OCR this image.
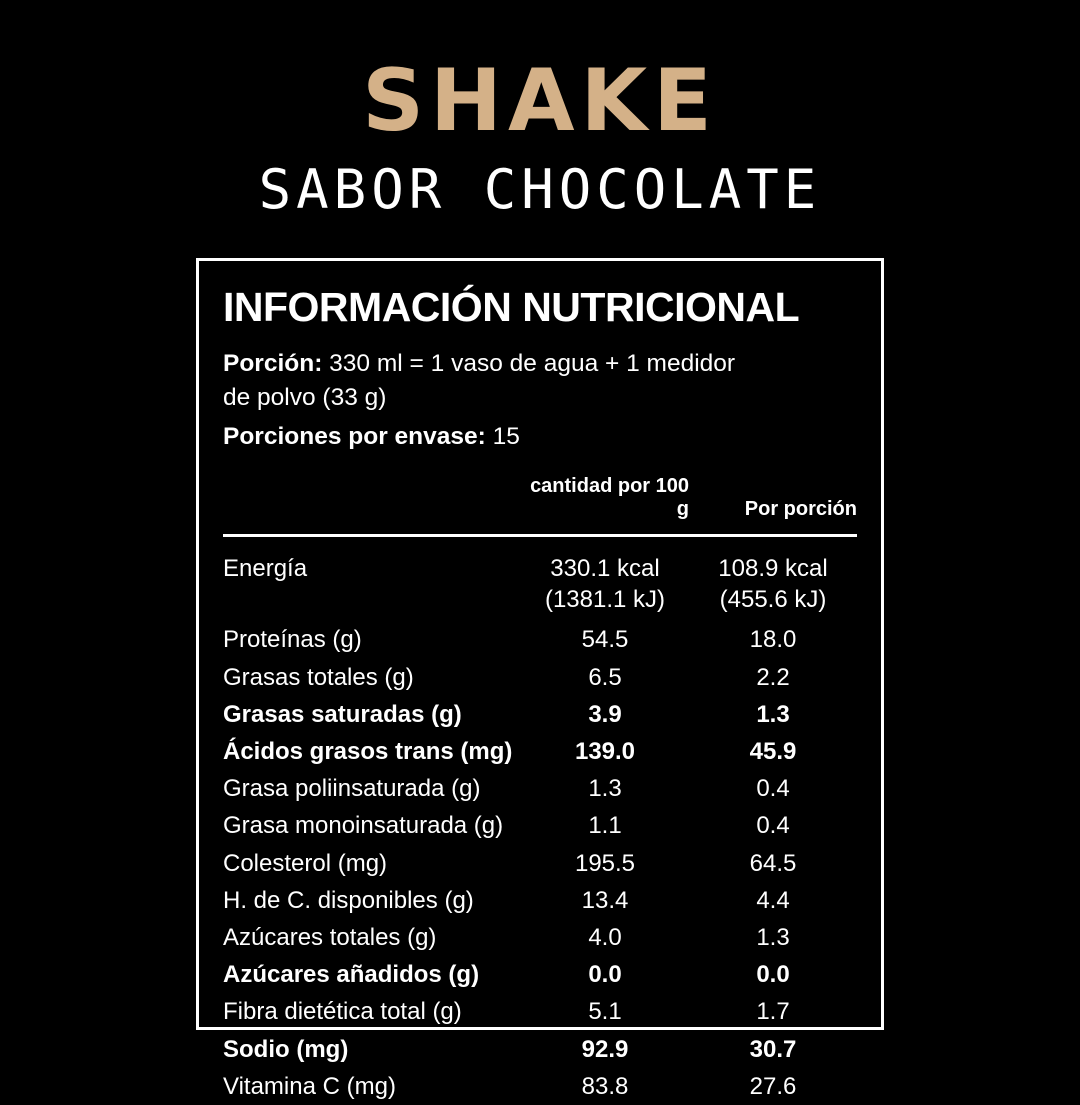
SHAKE
SABOR CHOCOLATE
INFORMACIÓN NUTRICIONAL
Porción: 330 ml = 1 vaso de agua + 1 medidor
de polvo (33 g)
Porciones por envase: 15
	cantidad por 100 g	Por porción

Energía	330.1 kcal	108.9 kcal
	(1381.1 kJ)	(455.6 kJ)
Proteínas (g)	54.5	18.0
Grasas totales (g)	6.5	2.2
Grasas saturadas (g)	3.9	1.3
Ácidos grasos trans (mg)	139.0	45.9
Grasa poliinsaturada (g)	1.3	0.4
Grasa monoinsaturada (g)	1.1	0.4
Colesterol (mg)	195.5	64.5
H. de C. disponibles (g)	13.4	4.4
Azúcares totales (g)	4.0	1.3
Azúcares añadidos (g)	0.0	0.0
Fibra dietética total (g)	5.1	1.7
Sodio (mg)	92.9	30.7
Vitamina C (mg)	83.8	27.6
